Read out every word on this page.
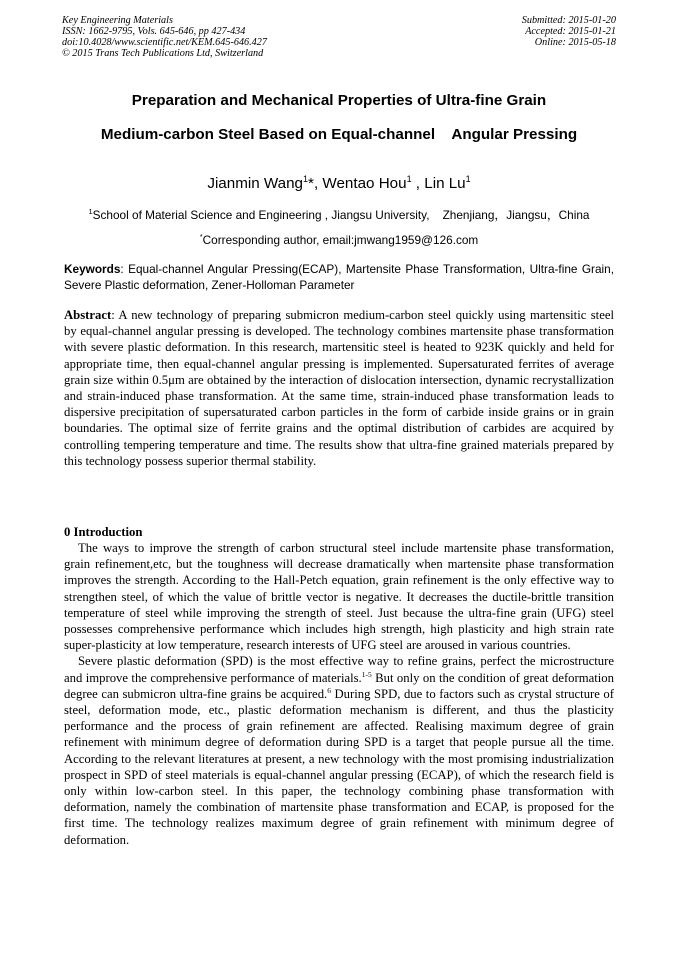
Key Engineering Materials
ISSN: 1662-9795, Vols. 645-646, pp 427-434
doi:10.4028/www.scientific.net/KEM.645-646.427
© 2015 Trans Tech Publications Ltd, Switzerland
Submitted: 2015-01-20
Accepted: 2015-01-21
Online: 2015-05-18
Preparation and Mechanical Properties of Ultra-fine Grain
Medium-carbon Steel Based on Equal-channel    Angular Pressing
Jianmin Wang$^1$*, Wentao Hou$^1$ , Lin Lu$^1$
$^1$School of Material Science and Engineering , Jiangsu University,    Zhenjiang，Jiangsu，China
*Corresponding author, email:jmwang1959@126.com
Keywords: Equal-channel Angular Pressing(ECAP), Martensite Phase Transformation, Ultra-fine Grain, Severe Plastic deformation, Zener-Holloman Parameter
Abstract: A new technology of preparing submicron medium-carbon steel quickly using martensitic steel by equal-channel angular pressing is developed. The technology combines martensite phase transformation with severe plastic deformation. In this research, martensitic steel is heated to 923K quickly and held for appropriate time, then equal-channel angular pressing is implemented. Supersaturated ferrites of average grain size within 0.5μm are obtained by the interaction of dislocation intersection, dynamic recrystallization and strain-induced phase transformation. At the same time, strain-induced phase transformation leads to dispersive precipitation of supersaturated carbon particles in the form of carbide inside grains or in grain boundaries. The optimal size of ferrite grains and the optimal distribution of carbides are acquired by controlling tempering temperature and time. The results show that ultra-fine grained materials prepared by this technology possess superior thermal stability.
0 Introduction

The ways to improve the strength of carbon structural steel include martensite phase transformation, grain refinement,etc, but the toughness will decrease dramatically when martensite phase transformation improves the strength. According to the Hall-Petch equation, grain refinement is the only effective way to strengthen steel, of which the value of brittle vector is negative. It decreases the ductile-brittle transition temperature of steel while improving the strength of steel. Just because the ultra-fine grain (UFG) steel possesses comprehensive performance which includes high strength, high plasticity and high strain rate super-plasticity at low temperature, research interests of UFG steel are aroused in various countries.

Severe plastic deformation (SPD) is the most effective way to refine grains, perfect the microstructure and improve the comprehensive performance of materials.$^{1-5}$ But only on the condition of great deformation degree can submicron ultra-fine grains be acquired.$^6$ During SPD, due to factors such as crystal structure of steel, deformation mode, etc., plastic deformation mechanism is different, and thus the plasticity performance and the process of grain refinement are affected. Realising maximum degree of grain refinement with minimum degree of deformation during SPD is a target that people pursue all the time. According to the relevant literatures at present, a new technology with the most promising industrialization prospect in SPD of steel materials is equal-channel angular pressing (ECAP), of which the research field is only within low-carbon steel. In this paper, the technology combining phase transformation with deformation, namely the combination of martensite phase transformation and ECAP, is proposed for the first time. The technology realizes maximum degree of grain refinement with minimum degree of deformation.
